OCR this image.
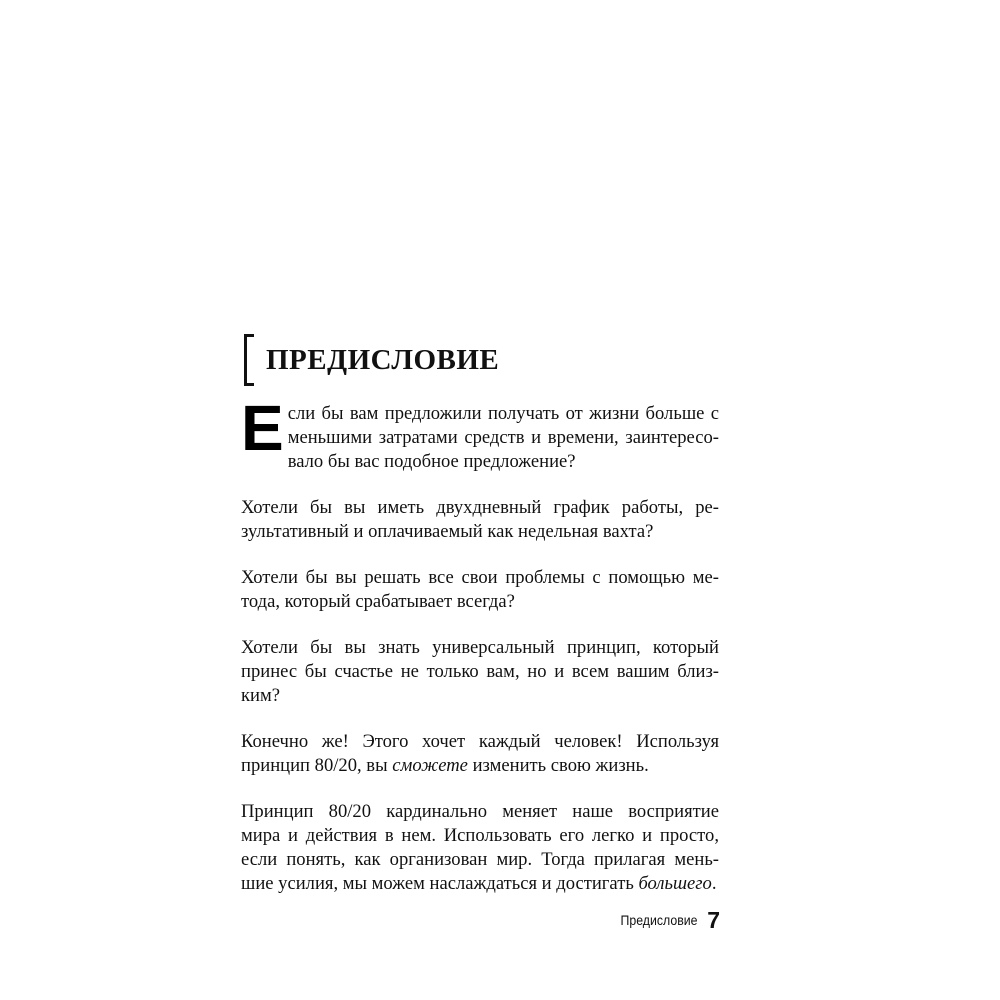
ПРЕДИСЛОВИЕ
Е сли бы вам предложили получать от жизни больше с
меньшими затратами средств и времени, заинтересо-
вало бы вас подобное предложение?
Хотели бы вы иметь двухдневный график работы, ре-
зультативный и оплачиваемый как недельная вахта?
Хотели бы вы решать все свои проблемы с помощью ме-
тода, который срабатывает всегда?
Хотели бы вы знать универсальный принцип, который
принес бы счастье не только вам, но и всем вашим близ-
ким?
Конечно же! Этого хочет каждый человек! Используя
принцип 80/20, вы сможете изменить свою жизнь.
Принцип 80/20 кардинально меняет наше восприятие
мира и действия в нем. Использовать его легко и просто,
если понять, как организован мир. Тогда прилагая мень-
шие усилия, мы можем наслаждаться и достигать большего.
Предисловие 7
